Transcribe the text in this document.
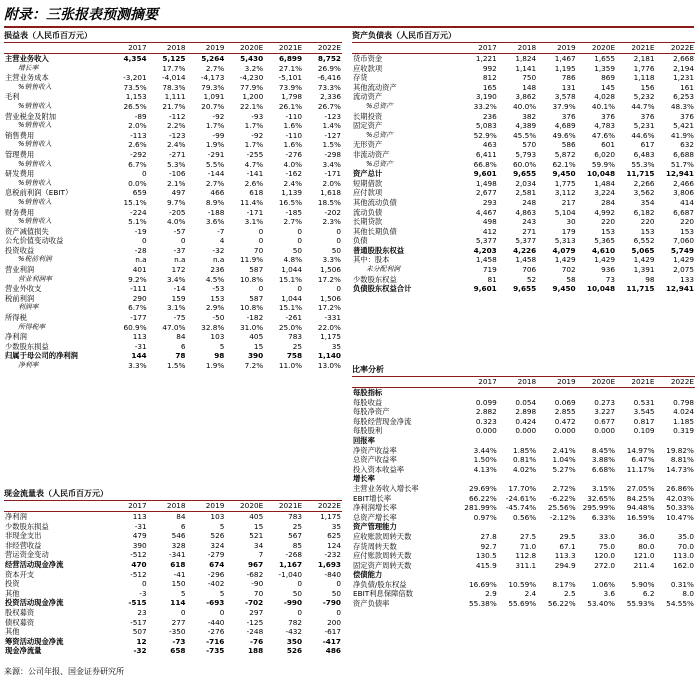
附录：三张报表预测摘要
损益表（人民币百万元）
	2017	2018	2019	2020E	2021E	2022E
主营业务收入	4,354	5,125	5,264	5,430	6,899	8,752
增长率		17.7%	2.7%	3.2%	27.1%	26.9%
主营业务成本	-3,201	-4,014	-4,173	-4,230	-5,101	-6,416
%销售收入	73.5%	78.3%	79.3%	77.9%	73.9%	73.3%
毛利	1,153	1,111	1,091	1,200	1,798	2,336
%销售收入	26.5%	21.7%	20.7%	22.1%	26.1%	26.7%
营业税金及附加	-89	-112	-92	-93	-110	-123
%销售收入	2.0%	2.2%	1.7%	1.7%	1.6%	1.4%
销售费用	-113	-123	-99	-92	-110	-127
%销售收入	2.6%	2.4%	1.9%	1.7%	1.6%	1.5%
管理费用	-292	-271	-291	-255	-276	-298
%销售收入	6.7%	5.3%	5.5%	4.7%	4.0%	3.4%
研发费用	0	-106	-144	-141	-162	-171
%销售收入	0.0%	2.1%	2.7%	2.6%	2.4%	2.0%
息税前利润（EBIT）	659	497	466	618	1,139	1,618
%销售收入	15.1%	9.7%	8.9%	11.4%	16.5%	18.5%
财务费用	-224	-205	-188	-171	-185	-202
%销售收入	5.1%	4.0%	3.6%	3.1%	2.7%	2.3%
资产减值损失	-19	-57	-7	0	0	0
公允价值变动收益	0	0	4	0	0	0
投资收益	-28	-37	-32	70	50	50
%税前利润	n.a	n.a	n.a	11.9%	4.8%	3.3%
营业利润	401	172	236	587	1,044	1,506
营业利润率	9.2%	3.4%	4.5%	10.8%	15.1%	17.2%
营业外收支	-111	-14	-53	0	0	0
税前利润	290	159	153	587	1,044	1,506
利润率	6.7%	3.1%	2.9%	10.8%	15.1%	17.2%
所得税	-177	-75	-50	-182	-261	-331
所得税率	60.9%	47.0%	32.8%	31.0%	25.0%	22.0%
净利润	113	84	103	405	783	1,175
少数股东损益	-31	6	5	15	25	35
归属于母公司的净利润	144	78	98	390	758	1,140
净利率	3.3%	1.5%	1.9%	7.2%	11.0%	13.0%
现金流量表（人民币百万元）
	2017	2018	2019	2020E	2021E	2022E
净利润	113	84	103	405	783	1,175
少数股东损益	-31	6	5	15	25	35
非现金支出	479	546	526	521	567	625
非经营收益	390	328	324	34	85	124
营运资金变动	-512	-341	-279	7	-268	-232
经营活动现金净流	470	618	674	967	1,167	1,693
资本开支	-512	-41	-296	-682	-1,040	-840
投资	0	150	-402	-90	0	0
其他	-3	5	5	70	50	50
投资活动现金净流	-515	114	-693	-702	-990	-790
股权募资	23	0	0	297	0	0
债权募资	-517	277	-440	-125	782	200
其他	507	-350	-276	-248	-432	-617
筹资活动现金净流	12	-73	-716	-76	350	-417
现金净流量	-32	658	-735	188	526	486
资产负债表（人民币百万元）
	2017	2018	2019	2020E	2021E	2022E
货币资金	1,221	1,824	1,467	1,655	2,181	2,668
应收款项	992	1,141	1,195	1,359	1,776	2,194
存货	812	750	786	869	1,118	1,231
其他流动资产	165	148	131	145	156	161
流动资产	3,190	3,862	3,578	4,028	5,232	6,253
%总资产	33.2%	40.0%	37.9%	40.1%	44.7%	48.3%
长期投资	236	382	376	376	376	376
固定资产	5,083	4,389	4,689	4,783	5,231	5,421
%总资产	52.9%	45.5%	49.6%	47.6%	44.6%	41.9%
无形资产	463	570	586	601	617	632
非流动资产	6,411	5,793	5,872	6,020	6,483	6,688
%总资产	66.8%	60.0%	62.1%	59.9%	55.3%	51.7%
资产总计	9,601	9,655	9,450	10,048	11,715	12,941
短期借款	1,498	2,034	1,775	1,484	2,266	2,466
应付款项	2,677	2,581	3,112	3,224	3,562	3,806
其他流动负债	293	248	217	284	354	414
流动负债	4,467	4,863	5,104	4,992	6,182	6,687
长期贷款	498	243	30	220	220	220
其他长期负债	412	271	179	153	153	153
负债	5,377	5,377	5,313	5,365	6,552	7,060
普通股股东权益	4,203	4,226	4,079	4,610	5,065	5,749
其中：股本	1,458	1,458	1,429	1,429	1,429	1,429
未分配利润	719	706	702	936	1,391	2,075
少数股东权益	81	52	58	73	98	133
负债股东权益合计	9,601	9,655	9,450	10,048	11,715	12,941
比率分析
	2017	2018	2019	2020E	2021E	2022E
每股指标						
每股收益	0.099	0.054	0.069	0.273	0.531	0.798
每股净资产	2.882	2.898	2.855	3.227	3.545	4.024
每股经营现金净流	0.323	0.424	0.472	0.677	0.817	1.185
每股股利	0.000	0.000	0.000	0.000	0.109	0.319
回报率						
净资产收益率	3.44%	1.85%	2.41%	8.45%	14.97%	19.82%
总资产收益率	1.50%	0.81%	1.04%	3.88%	6.47%	8.81%
投入资本收益率	4.13%	4.02%	5.27%	6.68%	11.17%	14.73%
增长率						
主营业务收入增长率	29.69%	17.70%	2.72%	3.15%	27.05%	26.86%
EBIT增长率	66.22%	-24.61%	-6.22%	32.65%	84.25%	42.03%
净利润增长率	281.99%	-45.74%	25.56%	295.99%	94.48%	50.33%
总资产增长率	0.97%	0.56%	-2.12%	6.33%	16.59%	10.47%
资产管理能力						
应收账款周转天数	27.8	27.5	29.5	33.0	36.0	35.0
存货周转天数	92.7	71.0	67.1	75.0	80.0	70.0
应付账款周转天数	130.5	112.8	113.3	120.0	121.0	113.0
固定资产周转天数	415.9	311.1	294.9	272.0	211.4	162.0
偿债能力						
净负债/股东权益	16.69%	10.59%	8.17%	1.06%	5.90%	0.31%
EBIT利息保障倍数	2.9	2.4	2.5	3.6	6.2	8.0
资产负债率	55.38%	55.69%	56.22%	53.40%	55.93%	54.55%
来源：公司年报、国金证券研究所
